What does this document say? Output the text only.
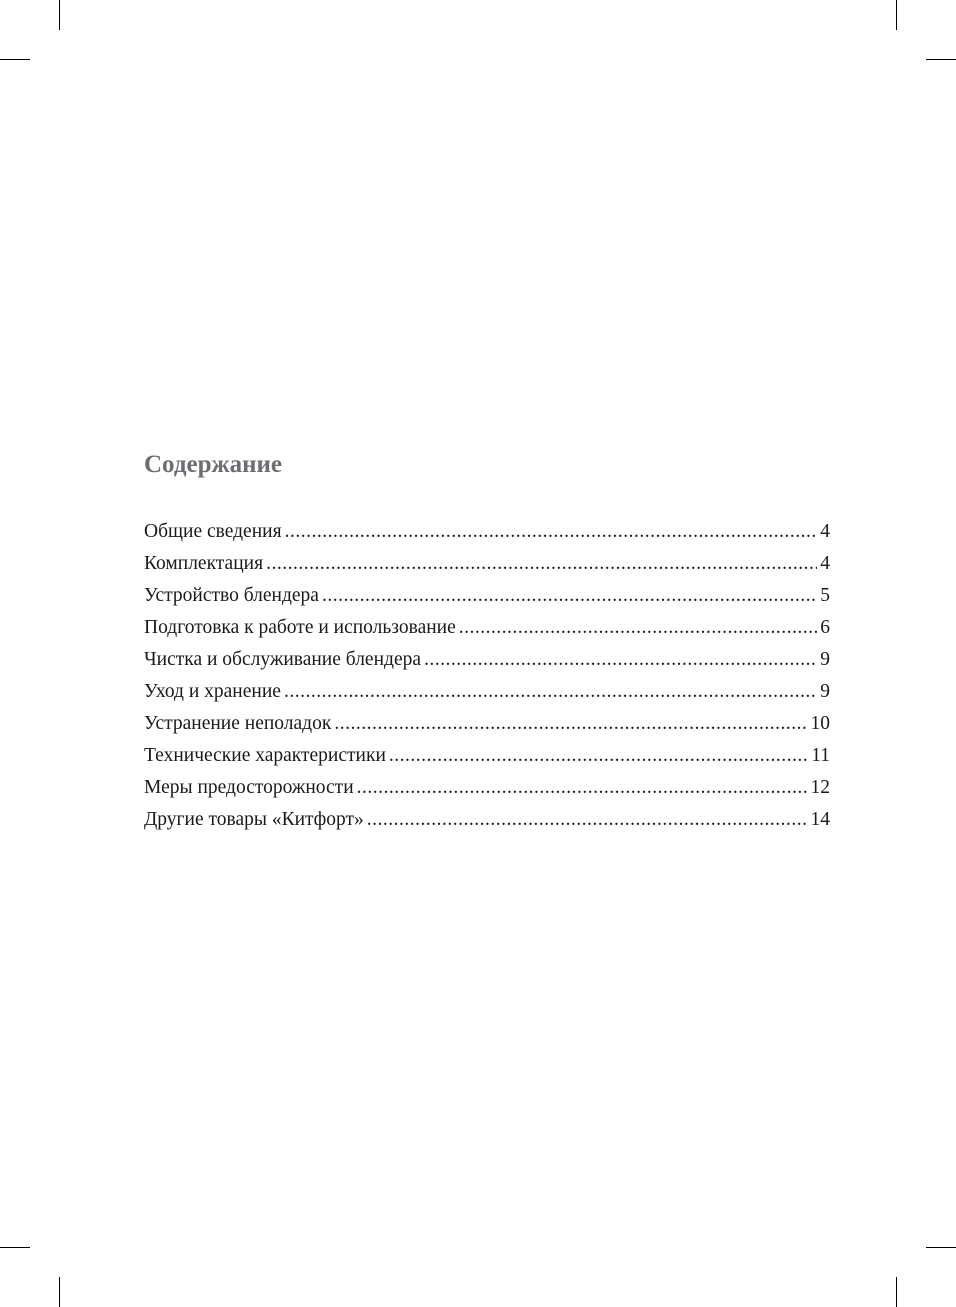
Содержание
Общие сведения .....	4
Комплектация .....	4
Устройство блендера .....	5
Подготовка к работе и использование .....	6
Чистка и обслуживание блендера .....	9
Уход и хранение .....	9
Устранение неполадок .....	10
Технические характеристики .....	11
Меры предосторожности .....	12
Другие товары «Китфорт» .....	14
